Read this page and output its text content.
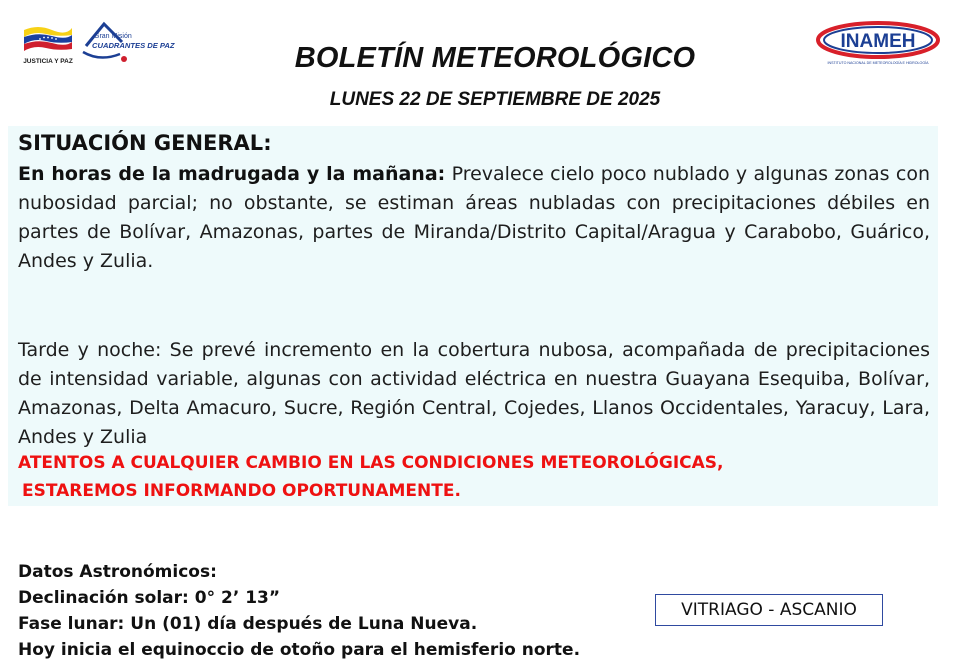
JUSTICIA Y PAZ
Gran Misión
CUADRANTES DE PAZ	INAMEH
INSTITUTO NACIONAL DE METEOROLOGÍA E HIDROLOGÍA
BOLETÍN METEOROLÓGICO
LUNES 22 DE SEPTIEMBRE DE 2025
SITUACIÓN GENERAL:
En horas de la madrugada y la mañana: Prevalece cielo poco nublado y algunas zonas con nubosidad parcial; no obstante, se estiman áreas nubladas con precipitaciones débiles en partes de Bolívar, Amazonas, partes de Miranda/Distrito Capital/Aragua y Carabobo, Guárico, Andes y Zulia.
Tarde y noche: Se prevé incremento en la cobertura nubosa, acompañada de precipitaciones de intensidad variable, algunas con actividad eléctrica en nuestra Guayana Esequiba, Bolívar, Amazonas, Delta Amacuro, Sucre, Región Central, Cojedes, Llanos Occidentales, Yaracuy, Lara, Andes y Zulia
ATENTOS A CUALQUIER CAMBIO EN LAS CONDICIONES METEOROLÓGICAS,
ESTAREMOS INFORMANDO OPORTUNAMENTE.
Datos Astronómicos:
Declinación solar: 0° 2’ 13”
Fase lunar: Un (01) día después de Luna Nueva.
Hoy inicia el equinoccio de otoño para el hemisferio norte.
VITRIAGO - ASCANIO
